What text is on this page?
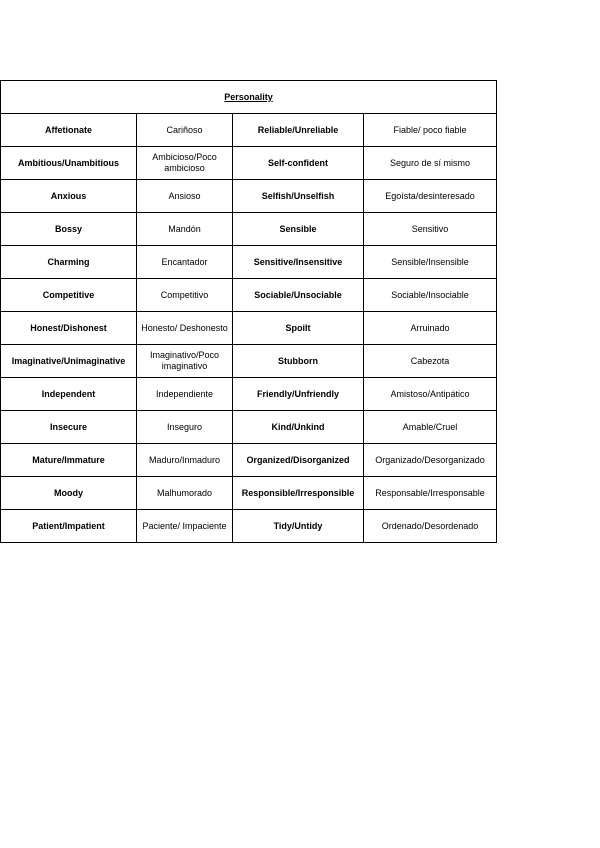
Personality			
Affetionate	Cariñoso	Reliable/Unreliable	Fiable/ poco fiable
Ambitious/Unambitious	Ambicioso/Poco ambicioso	Self-confident	Seguro de sí mismo
Anxious	Ansioso	Selfish/Unselfish	Egoísta/desinteresado
Bossy	Mandón	Sensible	Sensitivo
Charming	Encantador	Sensitive/Insensitive	Sensible/Insensible
Competitive	Competitivo	Sociable/Unsociable	Sociable/Insociable
Honest/Dishonest	Honesto/ Deshonesto	Spoilt	Arruinado
Imaginative/Unimaginative	Imaginativo/Poco imaginativo	Stubborn	Cabezota
Independent	Independiente	Friendly/Unfriendly	Amistoso/Antipático
Insecure	Inseguro	Kind/Unkind	Amable/Cruel
Mature/Immature	Maduro/Inmaduro	Organized/Disorganized	Organizado/Desorganizado
Moody	Malhumorado	Responsible/Irresponsible	Responsable/Irresponsable
Patient/Impatient	Paciente/ Impaciente	Tidy/Untidy	Ordenado/Desordenado
